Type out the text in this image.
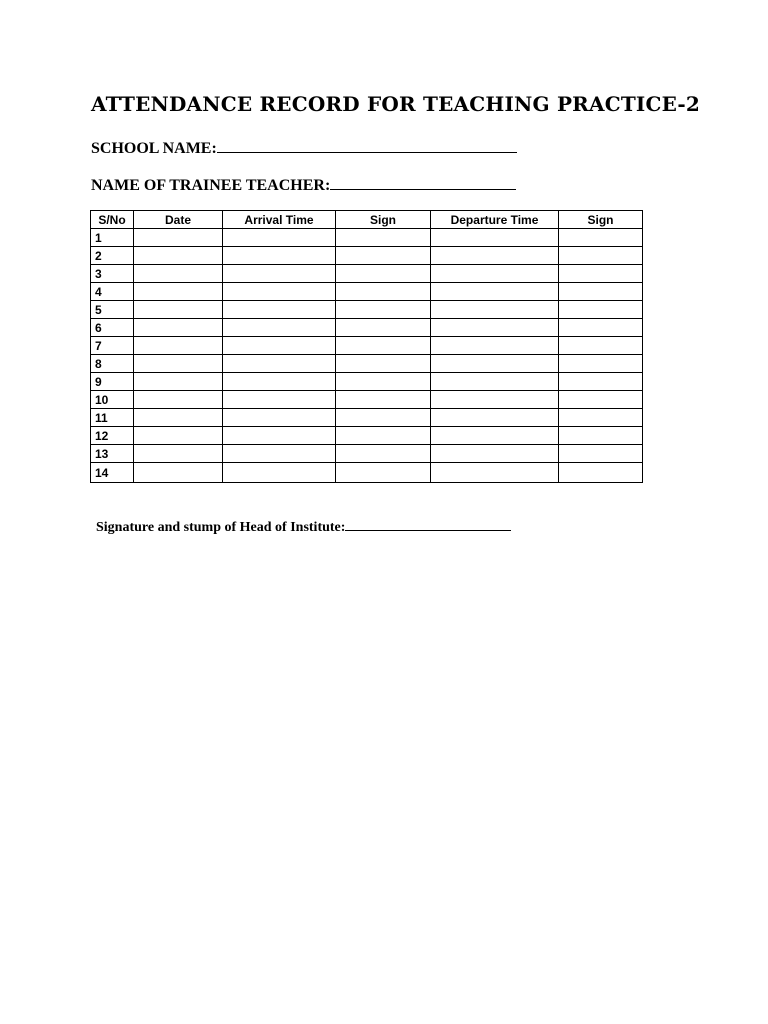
ATTENDANCE RECORD FOR TEACHING PRACTICE-2
SCHOOL NAME:
NAME OF TRAINEE TEACHER:
S/No	Date	Arrival Time	Sign	Departure Time	Sign
1					
2					
3					
4					
5					
6					
7					
8					
9					
10					
11					
12					
13					
14					
Signature and stump of Head of Institute:
